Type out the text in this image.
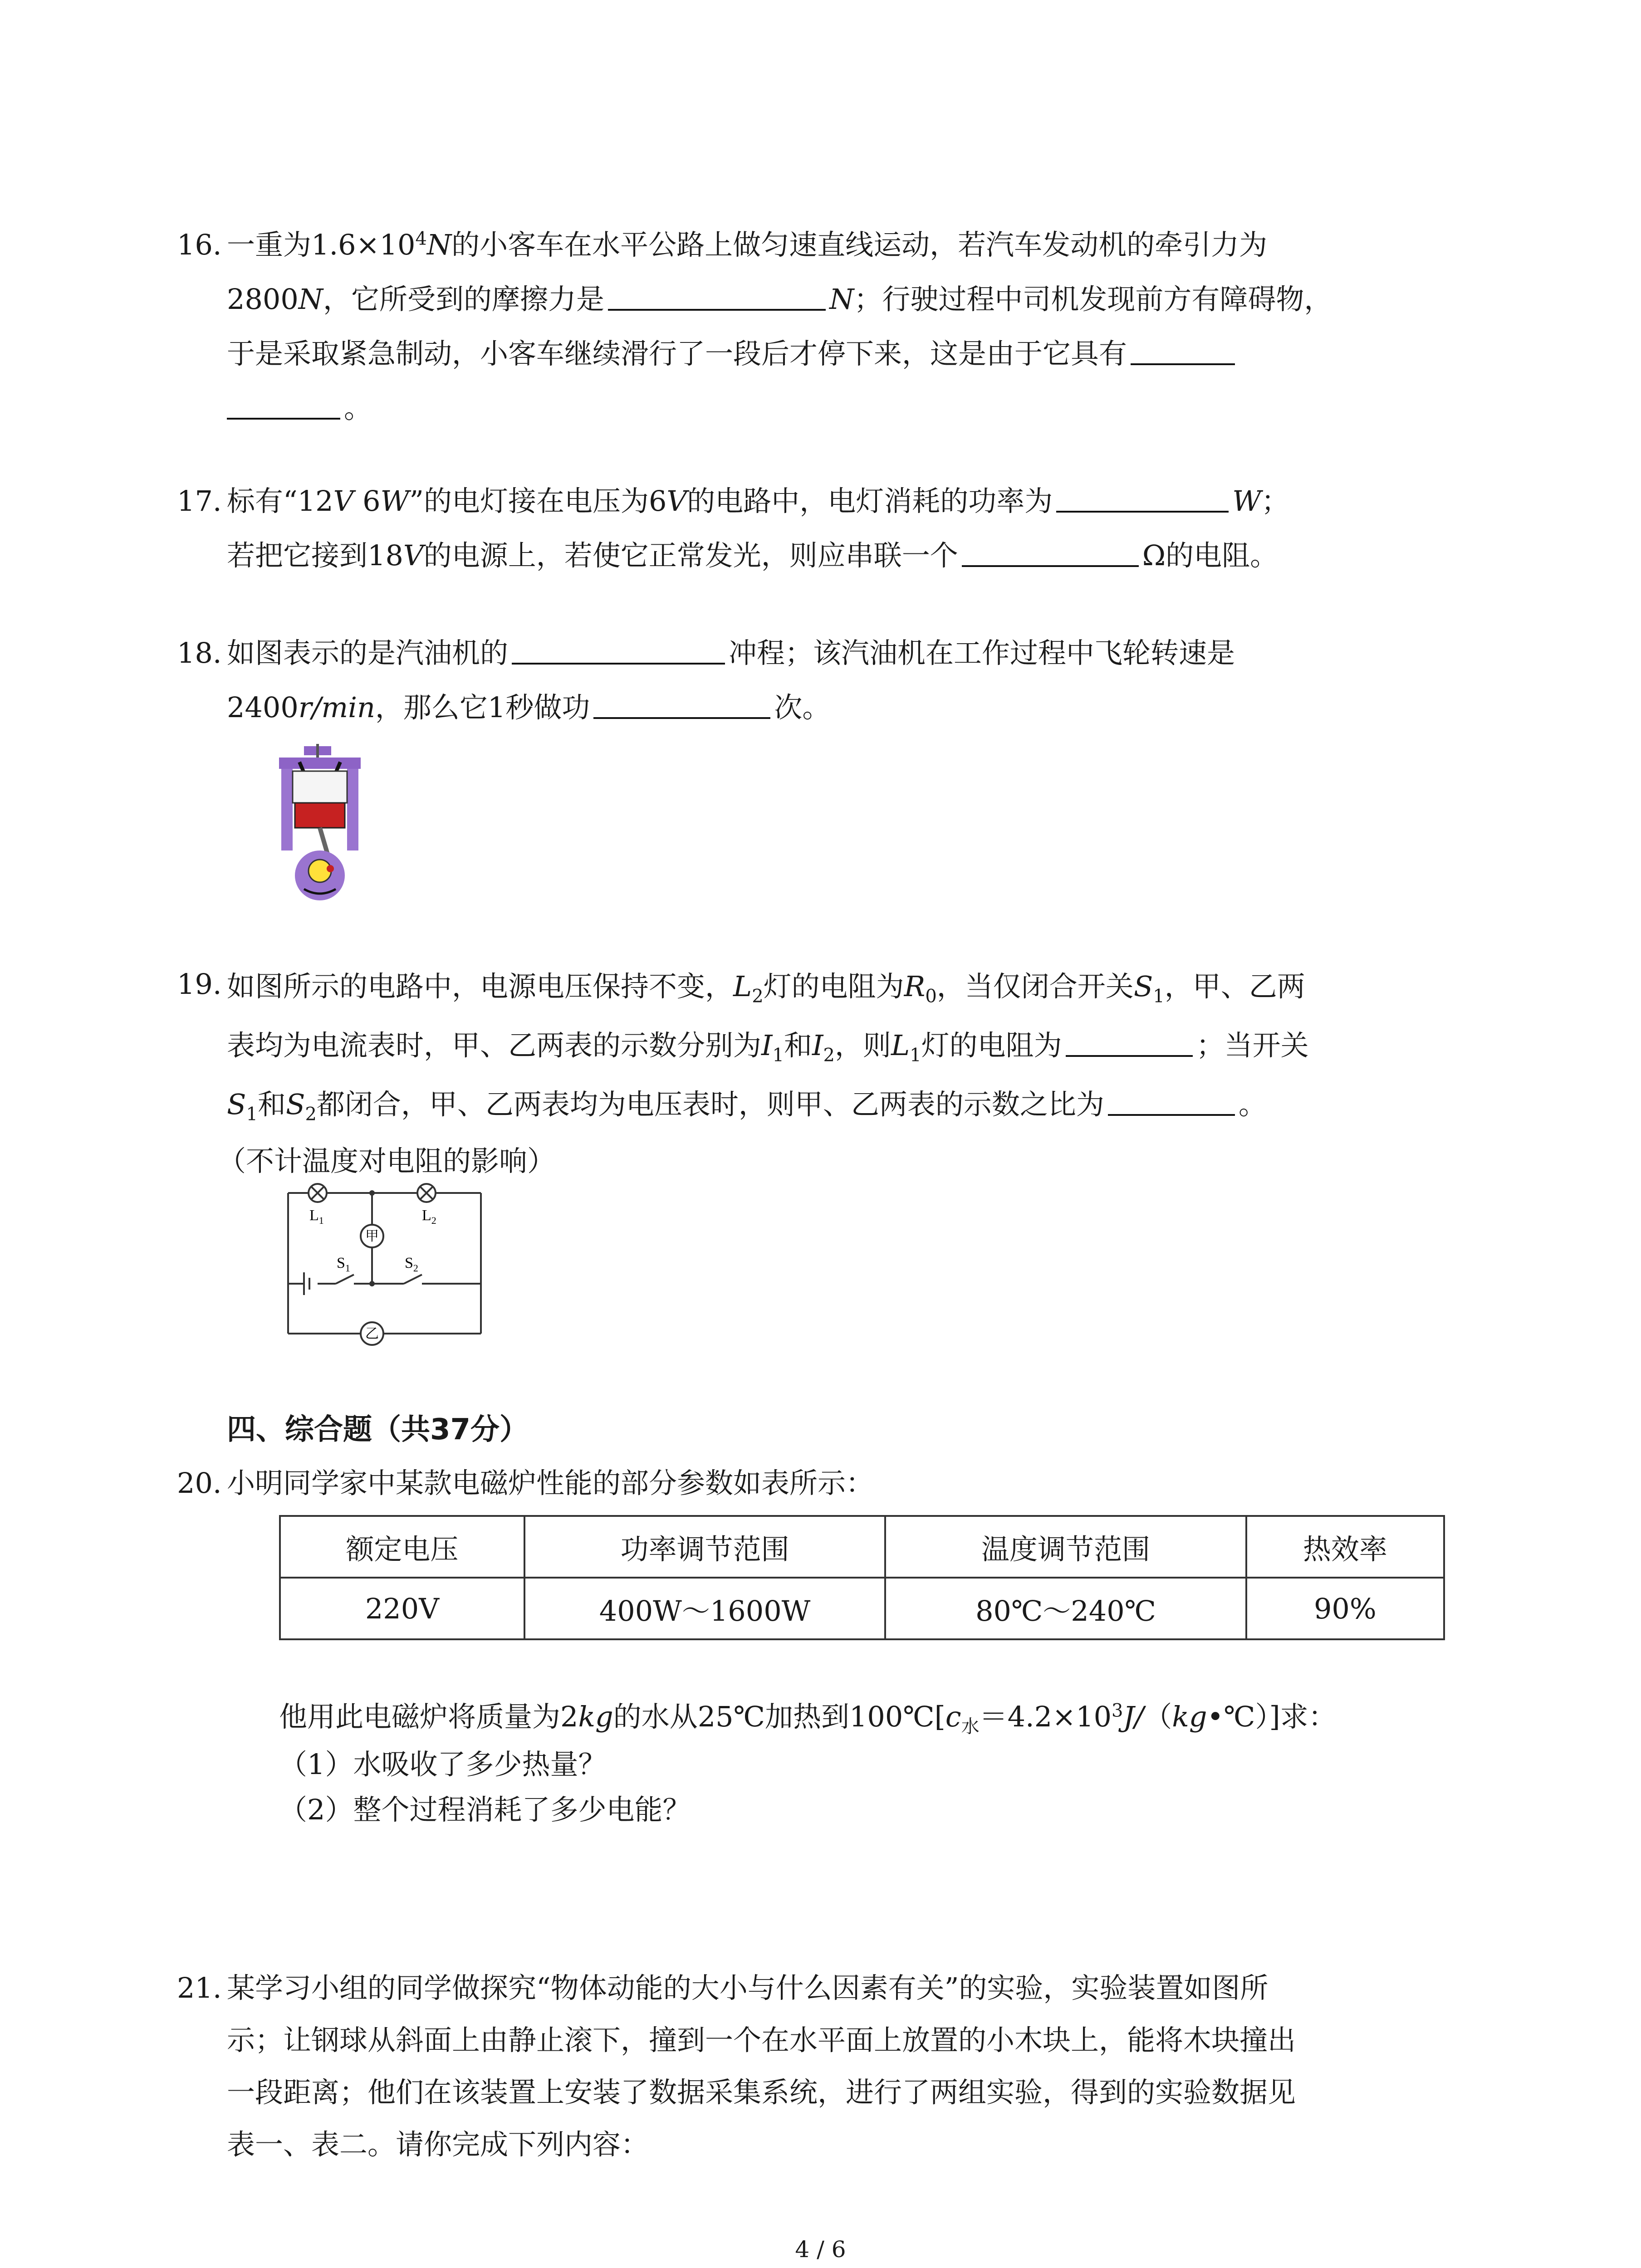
16. 一重为$1.6\times 10^4N$的小客车在水平公路上做匀速直线运动，若汽车发动机的牵引力为
2800N，它所受到的摩擦力是	N；行驶过程中司机发现前方有障碍物，
于是采取紧急制动，小客车继续滑行了一段后才停下来，这是由于它具有
。
17. 标有“12V 6W”的电灯接在电压为6V的电路中，电灯消耗的功率为	W；
若把它接到18V的电源上，若使它正常发光，则应串联一个	Ω的电阻。
18. 如图表示的是汽油机的	冲程；该汽油机在工作过程中飞轮转速是
2400r/min，那么它1秒做功	次。
19. 如图所示的电路中，电源电压保持不变，$L_2$灯的电阻为$R_0$，当仅闭合开关$S_1$，甲、乙两
表均为电流表时，甲、乙两表的示数分别为$I_1$和$I_2$，则$L_1$灯的电阻为	；当开关
$S_1$和$S_2$都闭合，甲、乙两表均为电压表时，则甲、乙两表的示数之比为	。
（不计温度对电阻的影响）
甲
乙
$L_1$	$L_2$
$S_1$	$S_2$
四、综合题（共37分）
20. 小明同学家中某款电磁炉性能的部分参数如表所示：
额定电压	功率调节范围	温度调节范围	热效率
220V	400W～1600W	80℃～240℃	90%
他用此电磁炉将质量为2kg的水从25℃加热到$100℃[c_水=4.2\times 10^3J/(kg•℃)]$求：
（1）水吸收了多少热量？
（2）整个过程消耗了多少电能？
21. 某学习小组的同学做探究“物体动能的大小与什么因素有关”的实验，实验装置如图所
示；让钢球从斜面上由静止滚下，撞到一个在水平面上放置的小木块上，能将木块撞出
一段距离；他们在该装置上安装了数据采集系统，进行了两组实验，得到的实验数据见
表一、表二。请你完成下列内容：
4 / 6
